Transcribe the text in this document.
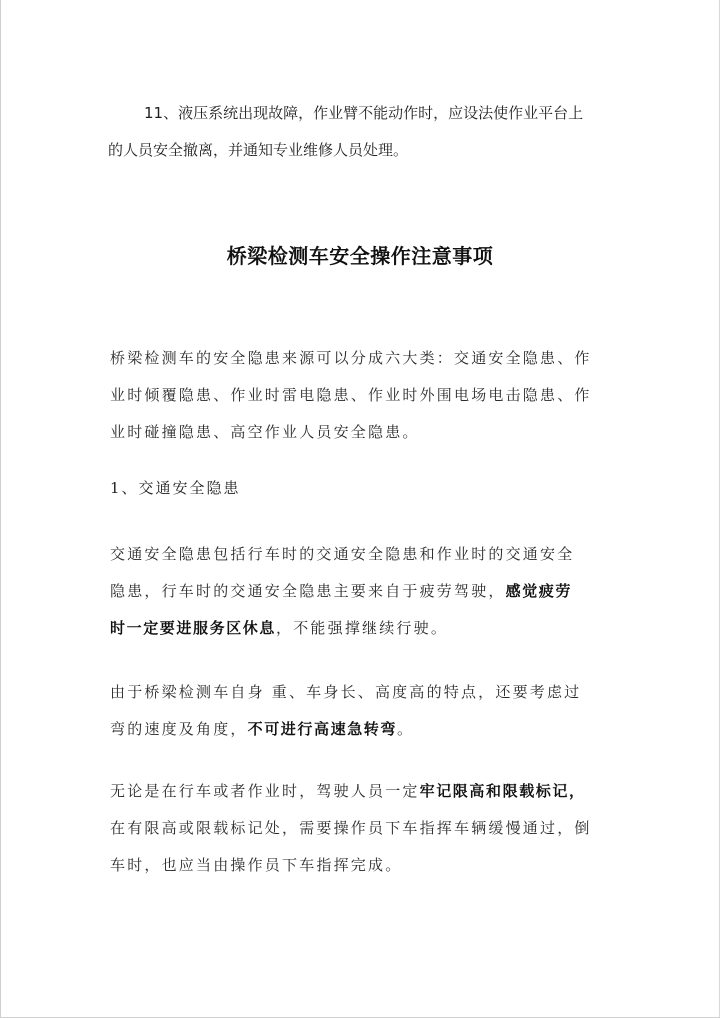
11、液压系统出现故障，作业臂不能动作时，应设法使作业平台上
的人员安全撤离，并通知专业维修人员处理。
桥梁检测车安全操作注意事项
桥梁检测车的安全隐患来源可以分成六大类：交通安全隐患、作
业时倾覆隐患、作业时雷电隐患、作业时外围电场电击隐患、作
业时碰撞隐患、高空作业人员安全隐患。
1、交通安全隐患
交通安全隐患包括行车时的交通安全隐患和作业时的交通安全
隐患，行车时的交通安全隐患主要来自于疲劳驾驶，感觉疲劳
时一定要进服务区休息，不能强撑继续行驶。
由于桥梁检测车自身 重、车身长、高度高的特点，还要考虑过
弯的速度及角度，不可进行高速急转弯。
无论是在行车或者作业时，驾驶人员一定牢记限高和限载标记，
在有限高或限载标记处，需要操作员下车指挥车辆缓慢通过，倒
车时，也应当由操作员下车指挥完成。
